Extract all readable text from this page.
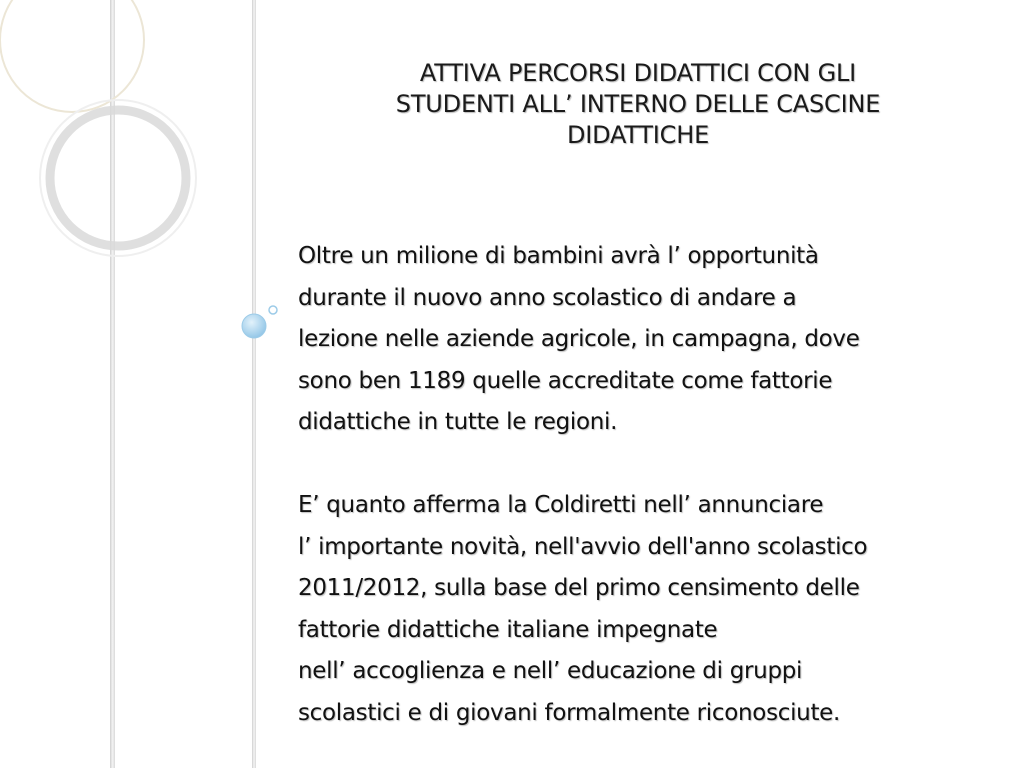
ATTIVA PERCORSI DIDATTICI CON GLI
STUDENTI ALL’ INTERNO DELLE CASCINE
DIDATTICHE
Oltre un milione di bambini avrà l’ opportunità
durante il nuovo anno scolastico di andare a
lezione nelle aziende agricole, in campagna, dove
sono ben 1189 quelle accreditate come fattorie
didattiche in tutte le regioni.
E’ quanto afferma la Coldiretti nell’ annunciare
l’ importante novità, nell'avvio dell'anno scolastico
2011/2012, sulla base del primo censimento delle
fattorie didattiche italiane impegnate
nell’ accoglienza e nell’ educazione di gruppi
scolastici e di giovani formalmente riconosciute.
